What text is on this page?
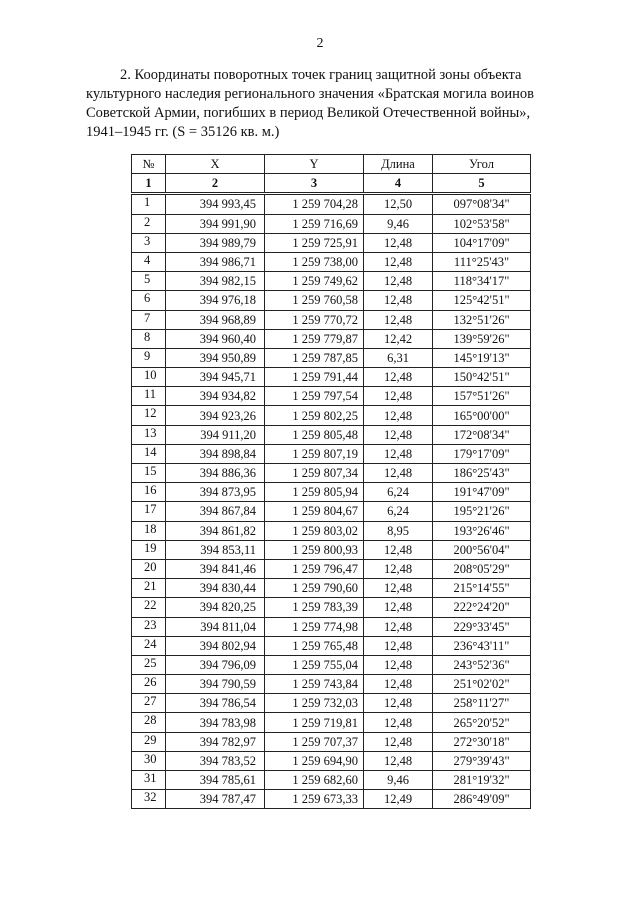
2
2. Координаты поворотных точек границ защитной зоны объекта
культурного наследия регионального значения «Братская могила воинов
Советской Армии, погибших в период Великой Отечественной войны»,
1941–1945 гг. (S = 35126 кв. м.)
№	X	Y	Длина	Угол
1	2	3	4	5
1	394 993,45	1 259 704,28	12,50	097°08'34"
2	394 991,90	1 259 716,69	9,46	102°53'58"
3	394 989,79	1 259 725,91	12,48	104°17'09"
4	394 986,71	1 259 738,00	12,48	111°25'43"
5	394 982,15	1 259 749,62	12,48	118°34'17"
6	394 976,18	1 259 760,58	12,48	125°42'51"
7	394 968,89	1 259 770,72	12,48	132°51'26"
8	394 960,40	1 259 779,87	12,42	139°59'26"
9	394 950,89	1 259 787,85	6,31	145°19'13"
10	394 945,71	1 259 791,44	12,48	150°42'51"
11	394 934,82	1 259 797,54	12,48	157°51'26"
12	394 923,26	1 259 802,25	12,48	165°00'00"
13	394 911,20	1 259 805,48	12,48	172°08'34"
14	394 898,84	1 259 807,19	12,48	179°17'09"
15	394 886,36	1 259 807,34	12,48	186°25'43"
16	394 873,95	1 259 805,94	6,24	191°47'09"
17	394 867,84	1 259 804,67	6,24	195°21'26"
18	394 861,82	1 259 803,02	8,95	193°26'46"
19	394 853,11	1 259 800,93	12,48	200°56'04"
20	394 841,46	1 259 796,47	12,48	208°05'29"
21	394 830,44	1 259 790,60	12,48	215°14'55"
22	394 820,25	1 259 783,39	12,48	222°24'20"
23	394 811,04	1 259 774,98	12,48	229°33'45"
24	394 802,94	1 259 765,48	12,48	236°43'11"
25	394 796,09	1 259 755,04	12,48	243°52'36"
26	394 790,59	1 259 743,84	12,48	251°02'02"
27	394 786,54	1 259 732,03	12,48	258°11'27"
28	394 783,98	1 259 719,81	12,48	265°20'52"
29	394 782,97	1 259 707,37	12,48	272°30'18"
30	394 783,52	1 259 694,90	12,48	279°39'43"
31	394 785,61	1 259 682,60	9,46	281°19'32"
32	394 787,47	1 259 673,33	12,49	286°49'09"
